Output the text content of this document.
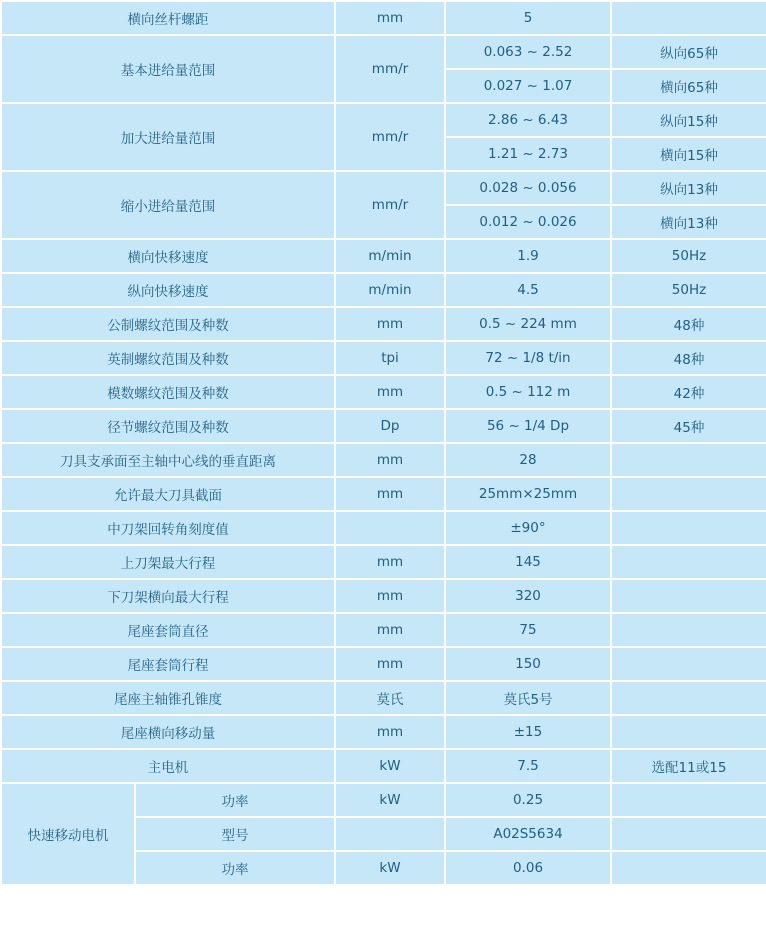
横向丝杆螺距		mm	5	
基本进给量范围		mm/r	0.063 ~ 2.52	纵向65种
			0.027 ~ 1.07	横向65种
加大进给量范围		mm/r	2.86 ~ 6.43	纵向15种
			1.21 ~ 2.73	横向15种
缩小进给量范围		mm/r	0.028 ~ 0.056	纵向13种
			0.012 ~ 0.026	横向13种
横向快移速度		m/min	1.9	50Hz
纵向快移速度		m/min	4.5	50Hz
公制螺纹范围及种数		mm	0.5 ~ 224 mm	48种
英制螺纹范围及种数		tpi	72 ~ 1/8 t/in	48种
模数螺纹范围及种数		mm	0.5 ~ 112 m	42种
径节螺纹范围及种数		Dp	56 ~ 1/4 Dp	45种
刀具支承面至主轴中心线的垂直距离		mm	28	
允许最大刀具截面		mm	25mm×25mm	
中刀架回转角刻度值			±90°	
上刀架最大行程		mm	145	
下刀架横向最大行程		mm	320	
尾座套筒直径		mm	75	
尾座套筒行程		mm	150	
尾座主轴锥孔锥度		莫氏	莫氏5号	
尾座横向移动量		mm	±15	
主电机		kW	7.5	选配11或15
快速移动电机	功率	kW	0.25	
	型号		A02S5634	
	功率	kW	0.06	
